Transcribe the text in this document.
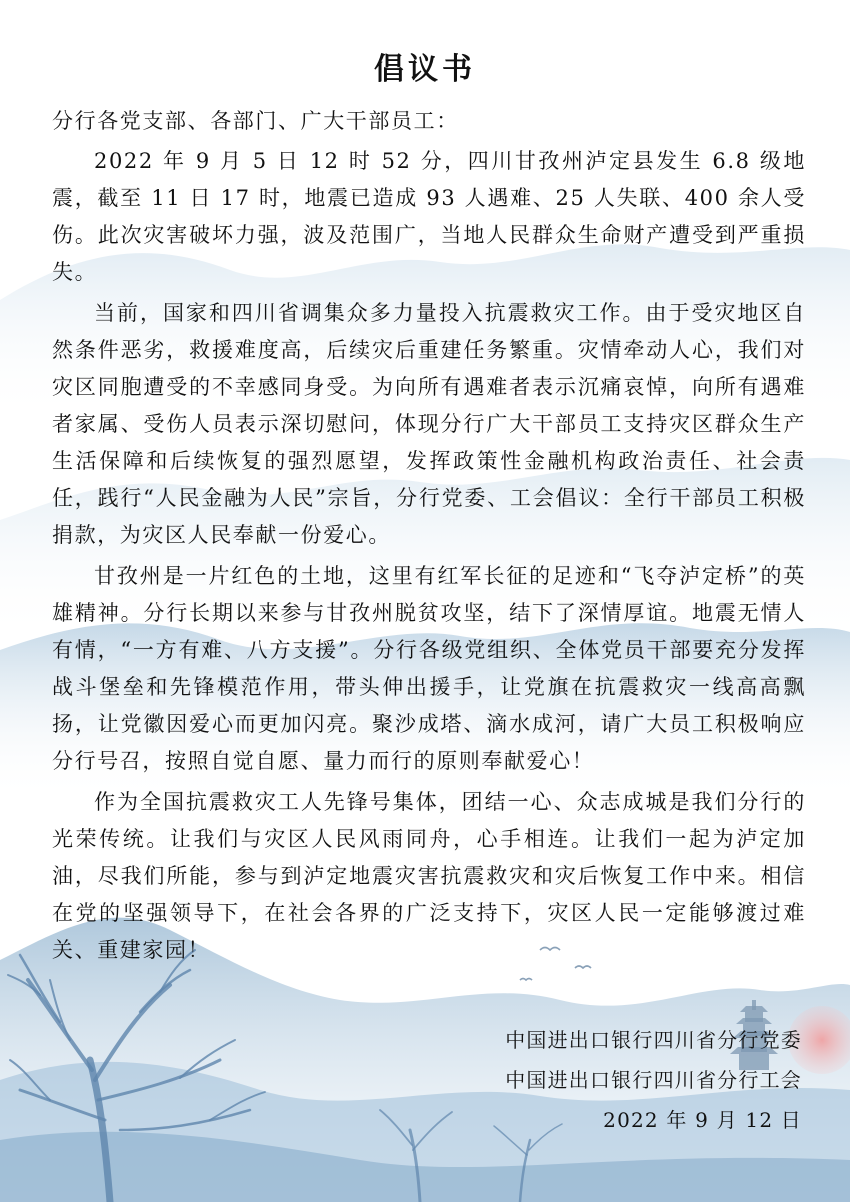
倡议书
分行各党支部、各部门、广大干部员工：

2022 年 9 月 5 日 12 时 52 分，四川甘孜州泸定县发生 6.8 级地震，截至 11 日 17 时，地震已造成 93 人遇难、25 人失联、400 余人受伤。此次灾害破坏力强，波及范围广，当地人民群众生命财产遭受到严重损失。

当前，国家和四川省调集众多力量投入抗震救灾工作。由于受灾地区自然条件恶劣，救援难度高，后续灾后重建任务繁重。灾情牵动人心，我们对灾区同胞遭受的不幸感同身受。为向所有遇难者表示沉痛哀悼，向所有遇难者家属、受伤人员表示深切慰问，体现分行广大干部员工支持灾区群众生产生活保障和后续恢复的强烈愿望，发挥政策性金融机构政治责任、社会责任，践行“人民金融为人民”宗旨，分行党委、工会倡议：全行干部员工积极捐款，为灾区人民奉献一份爱心。

甘孜州是一片红色的土地，这里有红军长征的足迹和“飞夺泸定桥”的英雄精神。分行长期以来参与甘孜州脱贫攻坚，结下了深情厚谊。地震无情人有情，“一方有难、八方支援”。分行各级党组织、全体党员干部要充分发挥战斗堡垒和先锋模范作用，带头伸出援手，让党旗在抗震救灾一线高高飘扬，让党徽因爱心而更加闪亮。聚沙成塔、滴水成河，请广大员工积极响应分行号召，按照自觉自愿、量力而行的原则奉献爱心！

作为全国抗震救灾工人先锋号集体，团结一心、众志成城是我们分行的光荣传统。让我们与灾区人民风雨同舟，心手相连。让我们一起为泸定加油，尽我们所能，参与到泸定地震灾害抗震救灾和灾后恢复工作中来。相信在党的坚强领导下，在社会各界的广泛支持下，灾区人民一定能够渡过难关、重建家园！

中国进出口银行四川省分行党委
中国进出口银行四川省分行工会
2022 年 9 月 12 日
